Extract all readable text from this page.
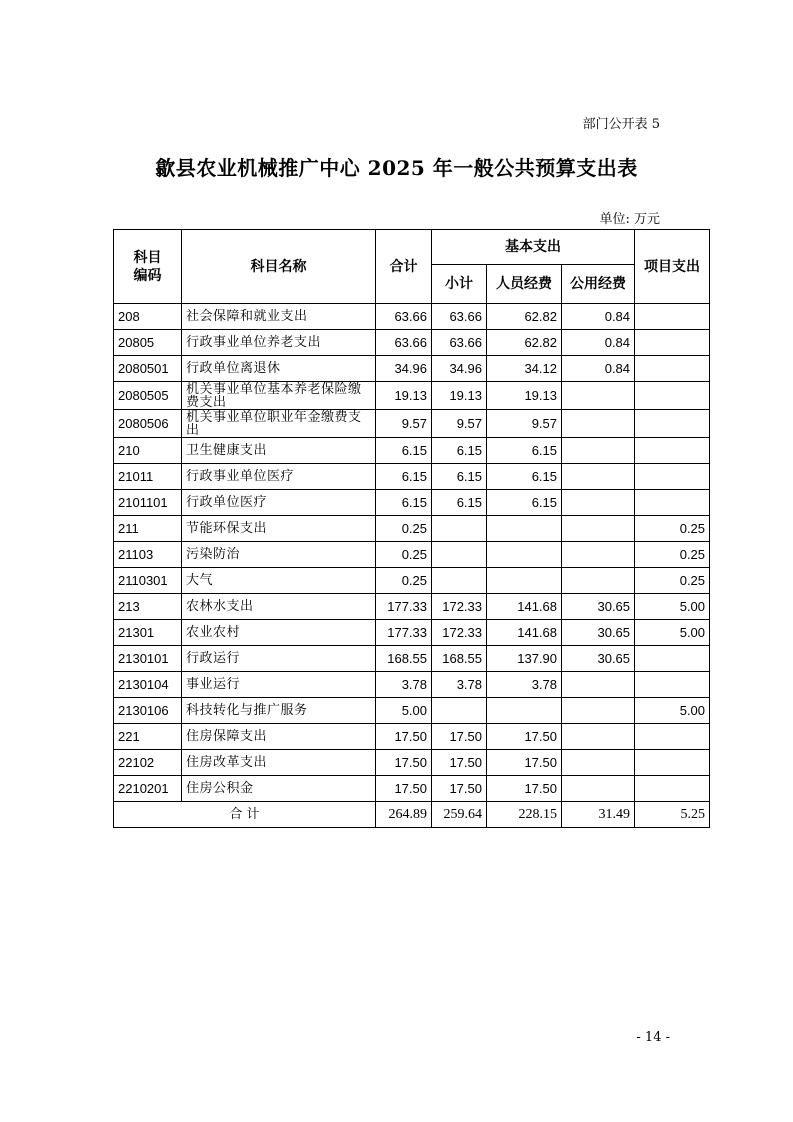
部门公开表 5
歙县农业机械推广中心 2025 年一般公共预算支出表
单位: 万元
科目
编码	科目名称	合计	基本支出			项目支出
			小计	人员经费	公用经费	
208	社会保障和就业支出	63.66	63.66	62.82	0.84	
20805	行政事业单位养老支出	63.66	63.66	62.82	0.84	
2080501	行政单位离退休	34.96	34.96	34.12	0.84	
2080505	机关事业单位基本养老保险缴费支出	19.13	19.13	19.13		
2080506	机关事业单位职业年金缴费支出	9.57	9.57	9.57		
210	卫生健康支出	6.15	6.15	6.15		
21011	行政事业单位医疗	6.15	6.15	6.15		
2101101	行政单位医疗	6.15	6.15	6.15		
211	节能环保支出	0.25				0.25
21103	污染防治	0.25				0.25
2110301	大气	0.25				0.25
213	农林水支出	177.33	172.33	141.68	30.65	5.00
21301	农业农村	177.33	172.33	141.68	30.65	5.00
2130101	行政运行	168.55	168.55	137.90	30.65	
2130104	事业运行	3.78	3.78	3.78		
2130106	科技转化与推广服务	5.00				5.00
221	住房保障支出	17.50	17.50	17.50		
22102	住房改革支出	17.50	17.50	17.50		
2210201	住房公积金	17.50	17.50	17.50		
合 计		264.89	259.64	228.15	31.49	5.25
- 14 -
